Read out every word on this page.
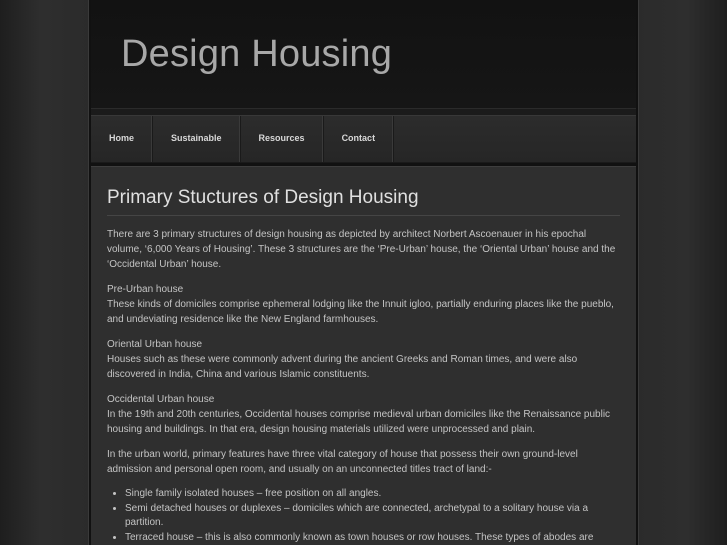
Design Housing
Home	Sustainable	Resources	Contact
Primary Stuctures of Design Housing

There are 3 primary structures of design housing as depicted by architect Norbert Ascoenauer in his epochal volume, ‘6,000 Years of Housing’. These 3 structures are the ‘Pre-Urban’ house, the ‘Oriental Urban’ house and the ‘Occidental Urban’ house.

Pre-Urban house
These kinds of domiciles comprise ephemeral lodging like the Innuit igloo, partially enduring places like the pueblo, and undeviating residence like the New England farmhouses.

Oriental Urban house
Houses such as these were commonly advent during the ancient Greeks and Roman times, and were also discovered in India, China and various Islamic constituents.

Occidental Urban house
In the 19th and 20th centuries, Occidental houses comprise medieval urban domiciles like the Renaissance public housing and buildings. In that era, design housing materials utilized were unprocessed and plain.

In the urban world, primary features have three vital category of house that possess their own ground-level admission and personal open room, and usually on an unconnected titles tract of land:-

• Single family isolated houses – free position on all angles.
• Semi detached houses or duplexes – domiciles which are connected, archetypal to a solitary house via a partition.
• Terraced house – this is also commonly known as town houses or row houses. These types of abodes are
